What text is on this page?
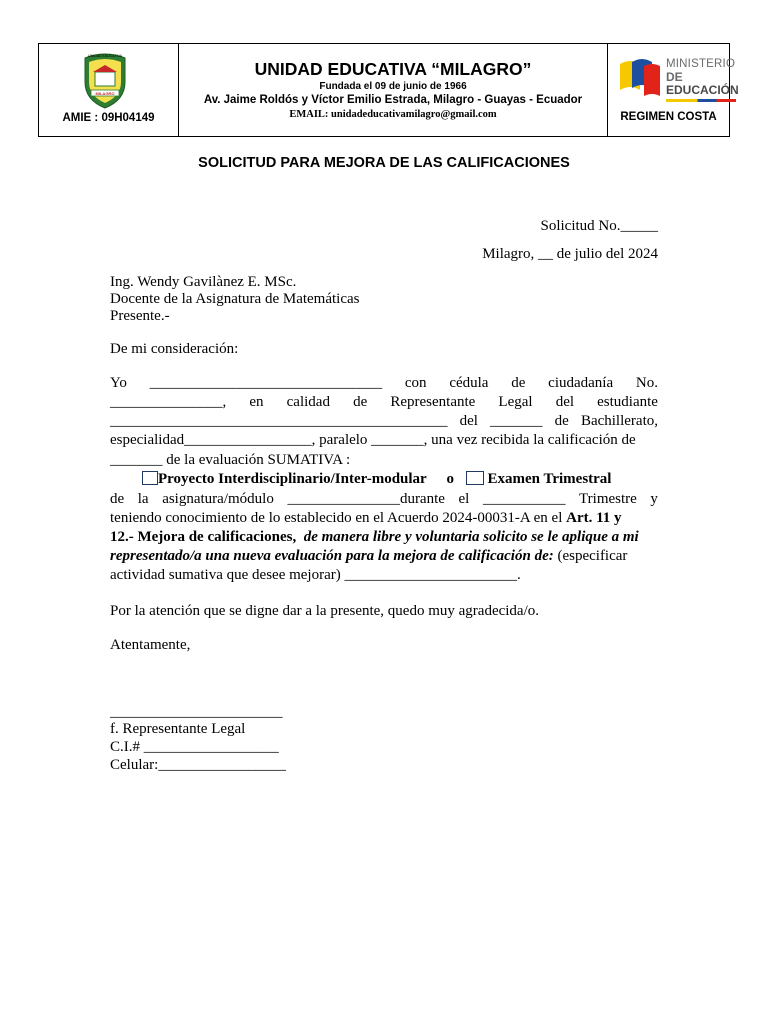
MILAGRO
UNIDAD EDUCATIVA
AMIE : 09H04149
UNIDAD EDUCATIVA “MILAGRO”
Fundada el 09 de junio de 1966
Av. Jaime Roldós y Víctor Emilio Estrada, Milagro - Guayas - Ecuador
EMAIL: unidadeducativamilagro@gmail.com
MINISTERIO
DE EDUCACIÓN
REGIMEN COSTA
SOLICITUD PARA MEJORA DE LAS CALIFICACIONES
Solicitud No._____
Milagro, __ de julio del 2024
Ing. Wendy Gavilànez E. MSc.
Docente de la Asignatura de Matemáticas
Presente.-
De mi consideración:
Yo _______________________________ con cédula de ciudadanía No.
_______________, en calidad de Representante Legal del estudiante
_____________________________________________ del _______ de Bachillerato,
especialidad_________________, paralelo _______, una vez recibida la calificación de
_______ de la evaluación SUMATIVA :
Proyecto Interdisciplinario/Inter-modular o Examen Trimestral
de la asignatura/módulo _______________durante el ___________ Trimestre y
teniendo conocimiento de lo establecido en el Acuerdo 2024-00031-A en el Art. 11 y
12.- Mejora de calificaciones, de manera libre y voluntaria solicito se le aplique a mi
representado/a una nueva evaluación para la mejora de calificación de: (especificar
actividad sumativa que desee mejorar) _______________________.
Por la atención que se digne dar a la presente, quedo muy agradecida/o.
Atentamente,
_______________________
f. Representante Legal
C.I.# __________________
Celular:_________________
